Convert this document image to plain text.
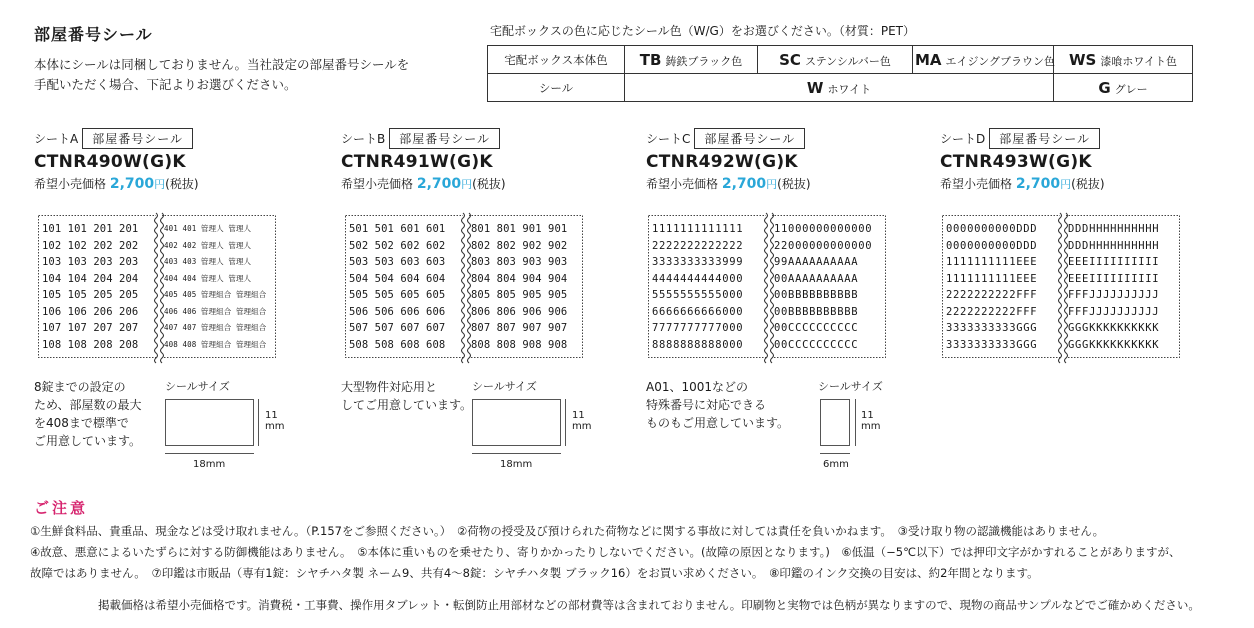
部屋番号シール
本体にシールは同梱しておりません。当社設定の部屋番号シールを
手配いただく場合、下記よりお選びください。
宅配ボックスの色に応じたシール色（W/G）をお選びください。（材質：PET）
宅配ボックス本体色	TB 鋳鉄ブラック色	SC ステンシルバー色	MA エイジングブラウン色	WS 漆喰ホワイト色
シール	W ホワイト			G グレー
シートA	部屋番号シール
CTNR490W(G)K
希望小売価格 2,700円(税抜)
シートB	部屋番号シール
CTNR491W(G)K
希望小売価格 2,700円(税抜)
シートC	部屋番号シール
CTNR492W(G)K
希望小売価格 2,700円(税抜)
シートD	部屋番号シール
CTNR493W(G)K
希望小売価格 2,700円(税抜)
101 101 201 201
102 102 202 202
103 103 203 203
104 104 204 204
105 105 205 205
106 106 206 206
107 107 207 207
108 108 208 208
401 401 管理人 管理人
402 402 管理人 管理人
403 403 管理人 管理人
404 404 管理人 管理人
405 405 管理組合 管理組合
406 406 管理組合 管理組合
407 407 管理組合 管理組合
408 408 管理組合 管理組合
501 501 601 601
502 502 602 602
503 503 603 603
504 504 604 604
505 505 605 605
506 506 606 606
507 507 607 607
508 508 608 608
801 801 901 901
802 802 902 902
803 803 903 903
804 804 904 904
805 805 905 905
806 806 906 906
807 807 907 907
808 808 908 908
1111111111111
2222222222222
3333333333999
4444444444000
5555555555000
6666666666000
7777777777000
8888888888000
11000000000000
22000000000000
99AAAAAAAAAA
00AAAAAAAAAA
00BBBBBBBBBB
00BBBBBBBBBB
00CCCCCCCCCC
00CCCCCCCCCC
0000000000DDD
0000000000DDD
1111111111EEE
1111111111EEE
2222222222FFF
2222222222FFF
3333333333GGG
3333333333GGG
DDDHHHHHHHHHH
DDDHHHHHHHHHH
EEEIIIIIIIIII
EEEIIIIIIIIII
FFFJJJJJJJJJJ
FFFJJJJJJJJJJ
GGGKKKKKKKKKK
GGGKKKKKKKKKK
8錠までの設定の
ため、部屋数の最大
を408まで標準で
ご用意しています。
シールサイズ
11
mm
18mm
大型物件対応用と
してご用意しています。
シールサイズ
11
mm
18mm
A01、1001などの
特殊番号に対応できる
ものもご用意しています。
シールサイズ
11
mm
6mm
ご注意

①生鮮食料品、貴重品、現金などは受け取れません。（P.157をご参照ください。）　②荷物の授受及び預けられた荷物などに関する事故に対しては責任を負いかねます。　③受け取り物の認識機能はありません。

④故意、悪意によるいたずらに対する防御機能はありません。　⑤本体に重いものを乗せたり、寄りかかったりしないでください。(故障の原因となります。)　⑥低温（−5℃以下）では押印文字がかすれることがありますが、

故障ではありません。　⑦印鑑は市販品（専有1錠：シヤチハタ製 ネーム9、共有4〜8錠：シヤチハタ製 ブラック16）をお買い求めください。　⑧印鑑のインク交換の目安は、約2年間となります。

掲載価格は希望小売価格です。消費税・工事費、操作用タブレット・転倒防止用部材などの部材費等は含まれておりません。印刷物と実物では色柄が異なりますので、現物の商品サンプルなどでご確かめください。
